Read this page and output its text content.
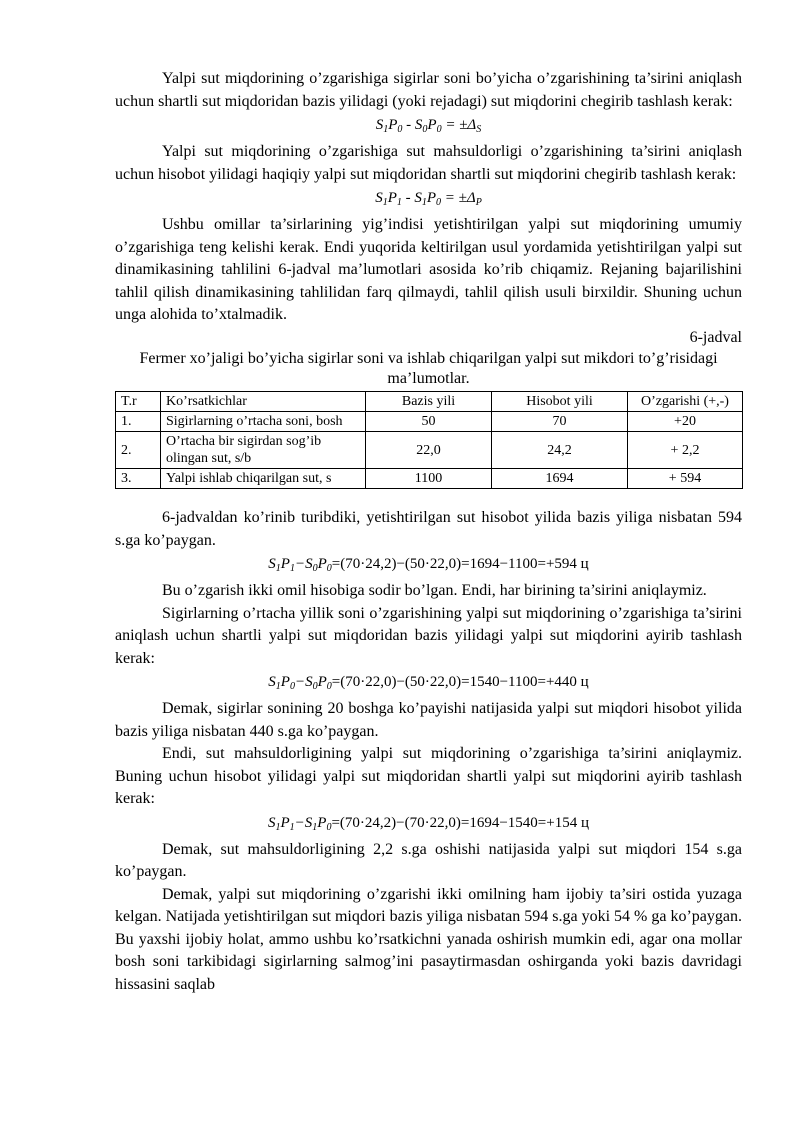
Yalpi sut miqdorining o’zgarishiga sigirlar soni bo’yicha o’zgarishining ta’sirini aniqlash uchun shartli sut miqdoridan bazis yilidagi (yoki rejadagi) sut miqdorini chegirib tashlash kerak:

$S_1P_0 - S_0P_0 = \pm\Delta_S$

Yalpi sut miqdorining o’zgarishiga sut mahsuldorligi o’zgarishining ta’sirini aniqlash uchun hisobot yilidagi haqiqiy yalpi sut miqdoridan shartli sut miqdorini chegirib tashlash kerak:

$S_1P_1 - S_1P_0 = \pm\Delta_P$

Ushbu omillar ta’sirlarining yig’indisi yetishtirilgan yalpi sut miqdorining umumiy o’zgarishiga teng kelishi kerak. Endi yuqorida keltirilgan usul yordamida yetishtirilgan yalpi sut dinamikasining tahlilini 6-jadval ma’lumotlari asosida ko’rib chiqamiz. Rejaning bajarilishini tahlil qilish dinamikasining tahlilidan farq qilmaydi, tahlil qilish usuli birxildir. Shuning uchun unga alohida to’xtalmadik.

6-jadval

Fermer xo’jaligi bo’yicha sigirlar soni va ishlab chiqarilgan yalpi sut mikdori to’g’risidagi ma’lumotlar.

T.r	Ko’rsatkichlar	Bazis yili	Hisobot yili	O’zgarishi (+,-)
1.	Sigirlarning o’rtacha soni, bosh	50	70	+20
2.	O’rtacha bir sigirdan sog’ib olingan sut, s/b	22,0	24,2	+ 2,2
3.	Yalpi ishlab chiqarilgan sut, s	1100	1694	+ 594

6-jadvaldan ko’rinib turibdiki, yetishtirilgan sut hisobot yilida bazis yiliga nisbatan 594 s.ga ko’paygan.

$S_1P_1-S_0P_0=(70\cdot 24,2)-(50\cdot 22,0)=1694-1100=+594$ ц

Bu o’zgarish ikki omil hisobiga sodir bo’lgan. Endi, har birining ta’sirini aniqlaymiz.

Sigirlarning o’rtacha yillik soni o’zgarishining yalpi sut miqdorining o’zgarishiga ta’sirini aniqlash uchun shartli yalpi sut miqdoridan bazis yilidagi yalpi sut miqdorini ayirib tashlash kerak:

$S_1P_0-S_0P_0=(70\cdot 22,0)-(50\cdot 22,0)=1540-1100=+440$ ц

Demak, sigirlar sonining 20 boshga ko’payishi natijasida yalpi sut miqdori hisobot yilida bazis yiliga nisbatan 440 s.ga ko’paygan.

Endi, sut mahsuldorligining yalpi sut miqdorining o’zgarishiga ta’sirini aniqlaymiz. Buning uchun hisobot yilidagi yalpi sut miqdoridan shartli yalpi sut miqdorini ayirib tashlash kerak:

$S_1P_1-S_1P_0=(70\cdot 24,2)-(70\cdot 22,0)=1694-1540=+154$ ц

Demak, sut mahsuldorligining 2,2 s.ga oshishi natijasida yalpi sut miqdori 154 s.ga ko’paygan.

Demak, yalpi sut miqdorining o’zgarishi ikki omilning ham ijobiy ta’siri ostida yuzaga kelgan. Natijada yetishtirilgan sut miqdori bazis yiliga nisbatan 594 s.ga yoki 54 % ga ko’paygan. Bu yaxshi ijobiy holat, ammo ushbu ko’rsatkichni yanada oshirish mumkin edi, agar ona mollar bosh soni tarkibidagi sigirlarning salmog’ini pasaytirmasdan oshirganda yoki bazis davridagi hissasini saqlab
